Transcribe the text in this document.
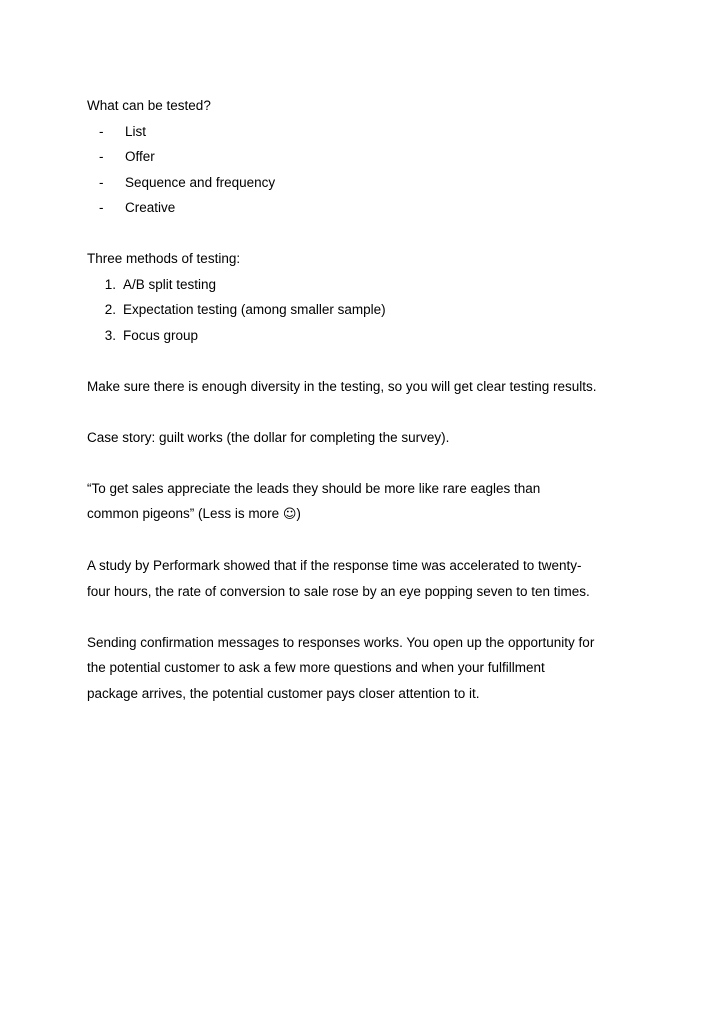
What can be tested?
-	List
-	Offer
-	Sequence and frequency
-	Creative
Three methods of testing:
1. A/B split testing
2. Expectation testing (among smaller sample)
3. Focus group
Make sure there is enough diversity in the testing, so you will get clear testing results.
Case story: guilt works (the dollar for completing the survey).
“To get sales appreciate the leads they should be more like rare eagles than
common pigeons” (Less is more ☺)
A study by Performark showed that if the response time was accelerated to twenty-
four hours, the rate of conversion to sale rose by an eye popping seven to ten times.
Sending confirmation messages to responses works. You open up the opportunity for
the potential customer to ask a few more questions and when your fulfillment
package arrives, the potential customer pays closer attention to it.
